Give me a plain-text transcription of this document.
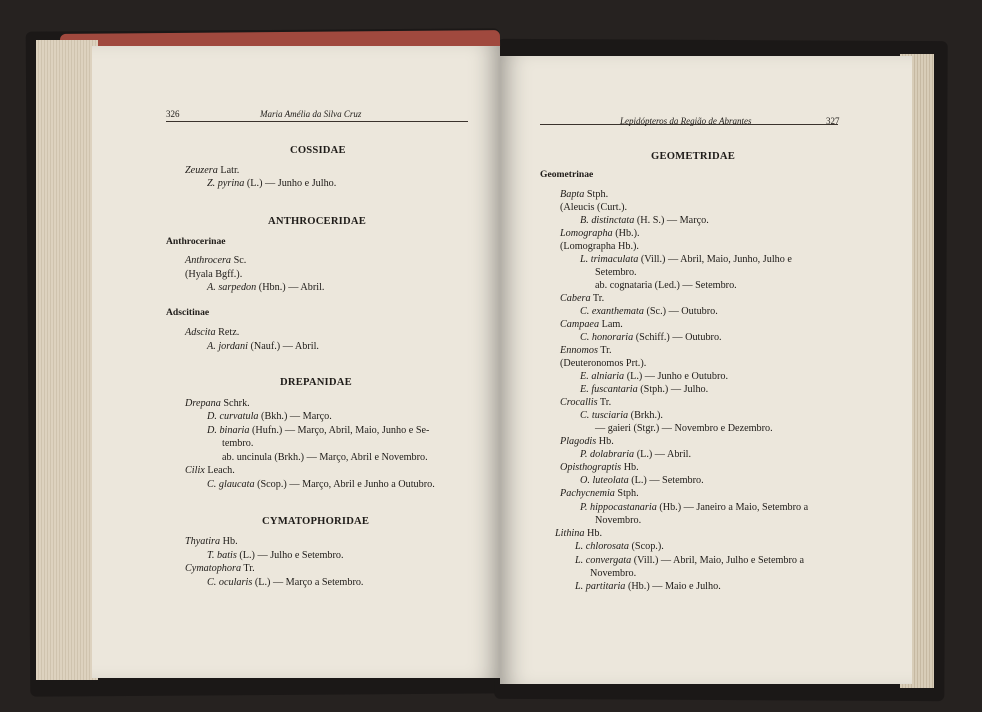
326	Maria Amélia da Silva Cruz
COSSIDAE
Zeuzera Latr.
Z. pyrina (L.) — Junho e Julho.
ANTHROCERIDAE
Anthrocerinae
Anthrocera Sc.
(Hyala Bgff.).
A. sarpedon (Hbn.) — Abril.
Adscitinae
Adscita Retz.
A. jordani (Nauf.) — Abril.
DREPANIDAE
Drepana Schrk.
D. curvatula (Bkh.) — Março.
D. binaria (Hufn.) — Março, Abril, Maio, Junho e Se-
tembro.
ab. uncinula (Brkh.) — Março, Abril e Novembro.
Cilix Leach.
C. glaucata (Scop.) — Março, Abril e Junho a Outubro.
CYMATOPHORIDAE
Thyatira Hb.
T. batis (L.) — Julho e Setembro.
Cymatophora Tr.
C. ocularis (L.) — Março a Setembro.
Lepidópteros da Região de Abrantes	327
GEOMETRIDAE
Geometrinae
Bapta Stph.
(Aleucis (Curt.).
B. distinctata (H. S.) — Março.
Lomographa (Hb.).
(Lomographa Hb.).
L. trimaculata (Vill.) — Abril, Maio, Junho, Julho e
Setembro.
ab. cognataria (Led.) — Setembro.
Cabera Tr.
C. exanthemata (Sc.) — Outubro.
Campaea Lam.
C. honoraria (Schiff.) — Outubro.
Ennomos Tr.
(Deuteronomos Prt.).
E. alniaria (L.) — Junho e Outubro.
E. fuscantaria (Stph.) — Julho.
Crocallis Tr.
C. tusciaria (Brkh.).
— gaieri (Stgr.) — Novembro e Dezembro.
Plagodis Hb.
P. dolabraria (L.) — Abril.
Opisthograptis Hb.
O. luteolata (L.) — Setembro.
Pachycnemia Stph.
P. hippocastanaria (Hb.) — Janeiro a Maio, Setembro a
Novembro.
Lithina Hb.
L. chlorosata (Scop.).
L. convergata (Vill.) — Abril, Maio, Julho e Setembro a
Novembro.
L. partitaria (Hb.) — Maio e Julho.
